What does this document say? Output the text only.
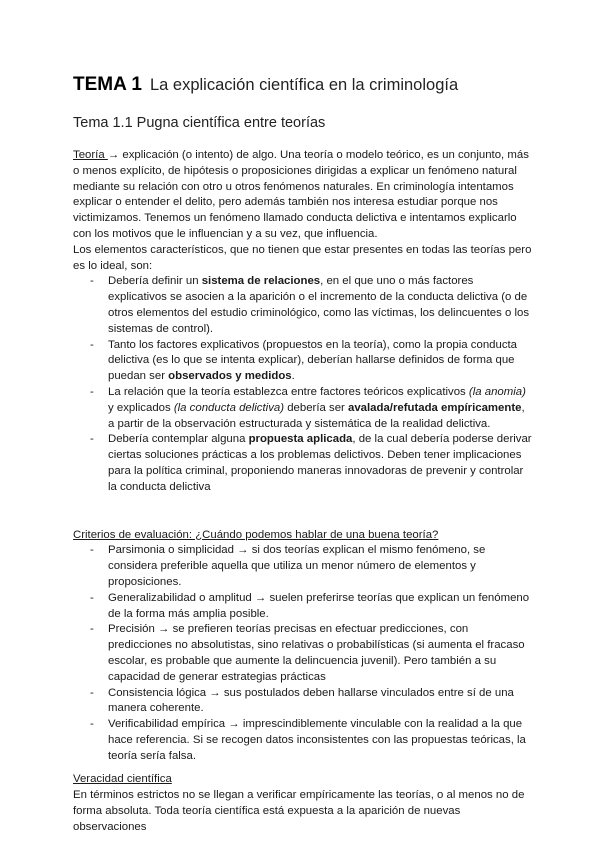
TEMA 1 La explicación científica en la criminología
Tema 1.1 Pugna científica entre teorías

Teoría → explicación (o intento) de algo. Una teoría o modelo teórico, es un conjunto, más o menos explícito, de hipótesis o proposiciones dirigidas a explicar un fenómeno natural mediante su relación con otro u otros fenómenos naturales. En criminología intentamos explicar o entender el delito, pero además también nos interesa estudiar porque nos victimizamos. Tenemos un fenómeno llamado conducta delictiva e intentamos explicarlo con los motivos que le influencian y a su vez, que influencia.

Los elementos característicos, que no tienen que estar presentes en todas las teorías pero es lo ideal, son:

- Debería definir un sistema de relaciones, en el que uno o más factores explicativos se asocien a la aparición o el incremento de la conducta delictiva (o de otros elementos del estudio criminológico, como las víctimas, los delincuentes o los sistemas de control).
- Tanto los factores explicativos (propuestos en la teoría), como la propia conducta delictiva (es lo que se intenta explicar), deberían hallarse definidos de forma que puedan ser observados y medidos.
- La relación que la teoría establezca entre factores teóricos explicativos (la anomia) y explicados (la conducta delictiva) debería ser avalada/refutada empíricamente, a partir de la observación estructurada y sistemática de la realidad delictiva.
- Debería contemplar alguna propuesta aplicada, de la cual debería poderse derivar ciertas soluciones prácticas a los problemas delictivos. Deben tener implicaciones para la política criminal, proponiendo maneras innovadoras de prevenir y controlar la conducta delictiva

Criterios de evaluación: ¿Cuándo podemos hablar de una buena teoría?

- Parsimonia o simplicidad → si dos teorías explican el mismo fenómeno, se considera preferible aquella que utiliza un menor número de elementos y proposiciones.
- Generalizabilidad o amplitud → suelen preferirse teorías que explican un fenómeno de la forma más amplia posible.
- Precisión → se prefieren teorías precisas en efectuar predicciones, con predicciones no absolutistas, sino relativas o probabilísticas (si aumenta el fracaso escolar, es probable que aumente la delincuencia juvenil). Pero también a su capacidad de generar estrategias prácticas
- Consistencia lógica → sus postulados deben hallarse vinculados entre sí de una manera coherente.
- Verificabilidad empírica → imprescindiblemente vinculable con la realidad a la que hace referencia. Si se recogen datos inconsistentes con las propuestas teóricas, la teoría sería falsa.

Veracidad científica

En términos estrictos no se llegan a verificar empíricamente las teorías, o al menos no de forma absoluta. Toda teoría científica está expuesta a la aparición de nuevas observaciones
